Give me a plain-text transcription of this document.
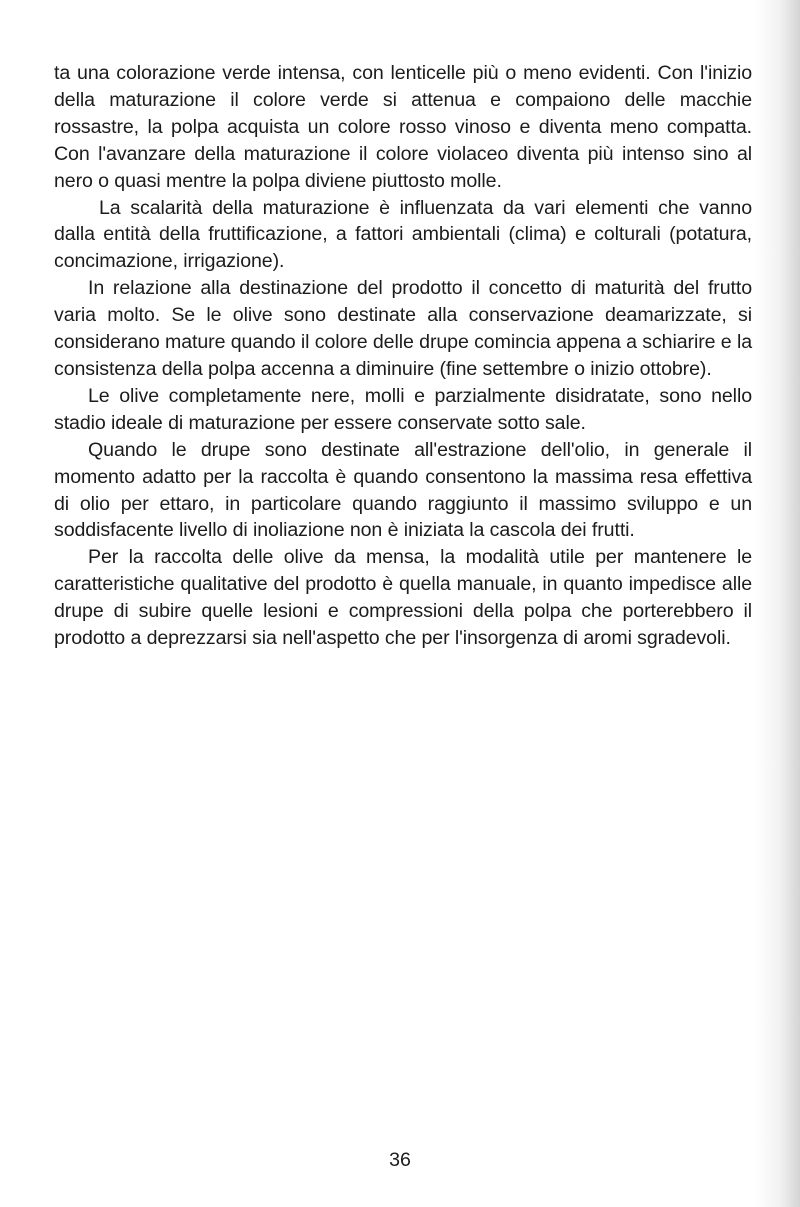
ta una colorazione verde intensa, con lenticelle più o meno evidenti. Con l'inizio della maturazione il colore verde si attenua e compaiono delle macchie rossastre, la polpa acquista un colore rosso vinoso e diventa meno compatta. Con l'avanzare della maturazione il colore violaceo diventa più intenso sino al nero o quasi mentre la polpa diviene piuttosto molle.

La scalarità della maturazione è influenzata da vari elementi che vanno dalla entità della fruttificazione, a fattori ambientali (clima) e colturali (potatura, concimazione, irrigazione).

In relazione alla destinazione del prodotto il concetto di maturità del frutto varia molto. Se le olive sono destinate alla conservazione deamarizzate, si considerano mature quando il colore delle drupe comincia appena a schiarire e la consistenza della polpa accenna a diminuire (fine settembre o inizio ottobre).

Le olive completamente nere, molli e parzialmente disidratate, sono nello stadio ideale di maturazione per essere conservate sotto sale.

Quando le drupe sono destinate all'estrazione dell'olio, in generale il momento adatto per la raccolta è quando consentono la massima resa effettiva di olio per ettaro, in particolare quando raggiunto il massimo sviluppo e un soddisfacente livello di inoliazione non è iniziata la cascola dei frutti.

Per la raccolta delle olive da mensa, la modalità utile per mantenere le caratteristiche qualitative del prodotto è quella manuale, in quanto impedisce alle drupe di subire quelle lesioni e compressioni della polpa che porterebbero il prodotto a deprezzarsi sia nell'aspetto che per l'insorgenza di aromi sgradevoli.

36
